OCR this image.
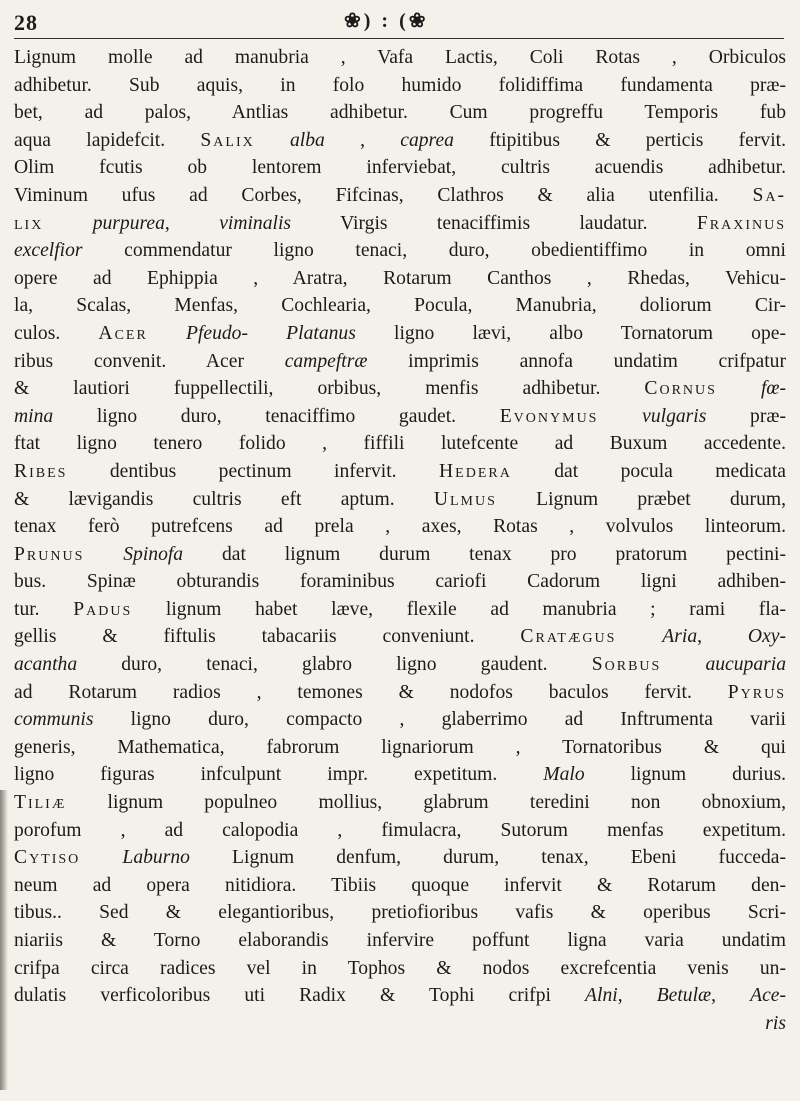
28	❀) : (❀
Lignum molle ad manubria , Vafa Lactis, Coli Rotas , Orbiculos
adhibetur. Sub aquis, in folo humido folidiffima fundamenta præ-
bet, ad palos, Antlias adhibetur. Cum progreffu Temporis fub
aqua lapidefcit. Salix alba , caprea ftipitibus & perticis fervit.
Olim fcutis ob lentorem inferviebat, cultris acuendis adhibetur.
Viminum ufus ad Corbes, Fifcinas, Clathros & alia utenfilia. Sa-
lix	purpurea, viminalis Virgis tenaciffimis laudatur. Fraxinus
excelfior commendatur ligno tenaci, duro, obedientiffimo in omni
opere ad Ephippia , Aratra, Rotarum Canthos , Rhedas, Vehicu-
la, Scalas, Menfas, Cochlearia, Pocula, Manubria, doliorum Cir-
culos. Acer Pfeudo- Platanus ligno lævi, albo Tornatorum ope-
ribus convenit. Acer campeftræ imprimis annofa undatim crifpatur
& lautiori fuppellectili, orbibus, menfis adhibetur. Cornus fœ-
mina ligno duro, tenaciffimo gaudet. Evonymus vulgaris præ-
ftat ligno tenero folido , fiffili lutefcente ad Buxum accedente.
Ribes dentibus pectinum infervit. Hedera dat pocula medicata
& lævigandis cultris eft aptum. Ulmus Lignum præbet durum,
tenax ferò putrefcens ad prela , axes, Rotas , volvulos linteorum.
Prunus Spinofa dat lignum durum tenax pro pratorum pectini-
bus. Spinæ obturandis foraminibus cariofi Cadorum ligni adhiben-
tur. Padus lignum habet læve, flexile ad manubria ; rami fla-
gellis & fiftulis tabacariis conveniunt. Cratægus Aria, Oxy-
acantha duro, tenaci, glabro ligno gaudent. Sorbus aucuparia
ad Rotarum radios , temones & nodofos baculos fervit. Pyrus
communis ligno duro, compacto , glaberrimo ad Inftrumenta varii
generis, Mathematica, fabrorum lignariorum , Tornatoribus & qui
ligno figuras infculpunt impr. expetitum. Malo lignum durius.
Tiliæ lignum populneo mollius, glabrum teredini non obnoxium,
porofum , ad calopodia , fimulacra, Sutorum menfas expetitum.
Cytiso Laburno Lignum denfum, durum, tenax, Ebeni fucceda-
neum ad opera nitidiora. Tibiis quoque infervit & Rotarum den-
tibus.. Sed & elegantioribus, pretiofioribus vafis & operibus Scri-
niariis & Torno elaborandis infervire poffunt ligna varia undatim
crifpa circa radices vel in Tophos & nodos excrefcentia venis un-
dulatis verficoloribus uti Radix & Tophi crifpi Alni, Betulæ, Ace-
ris
